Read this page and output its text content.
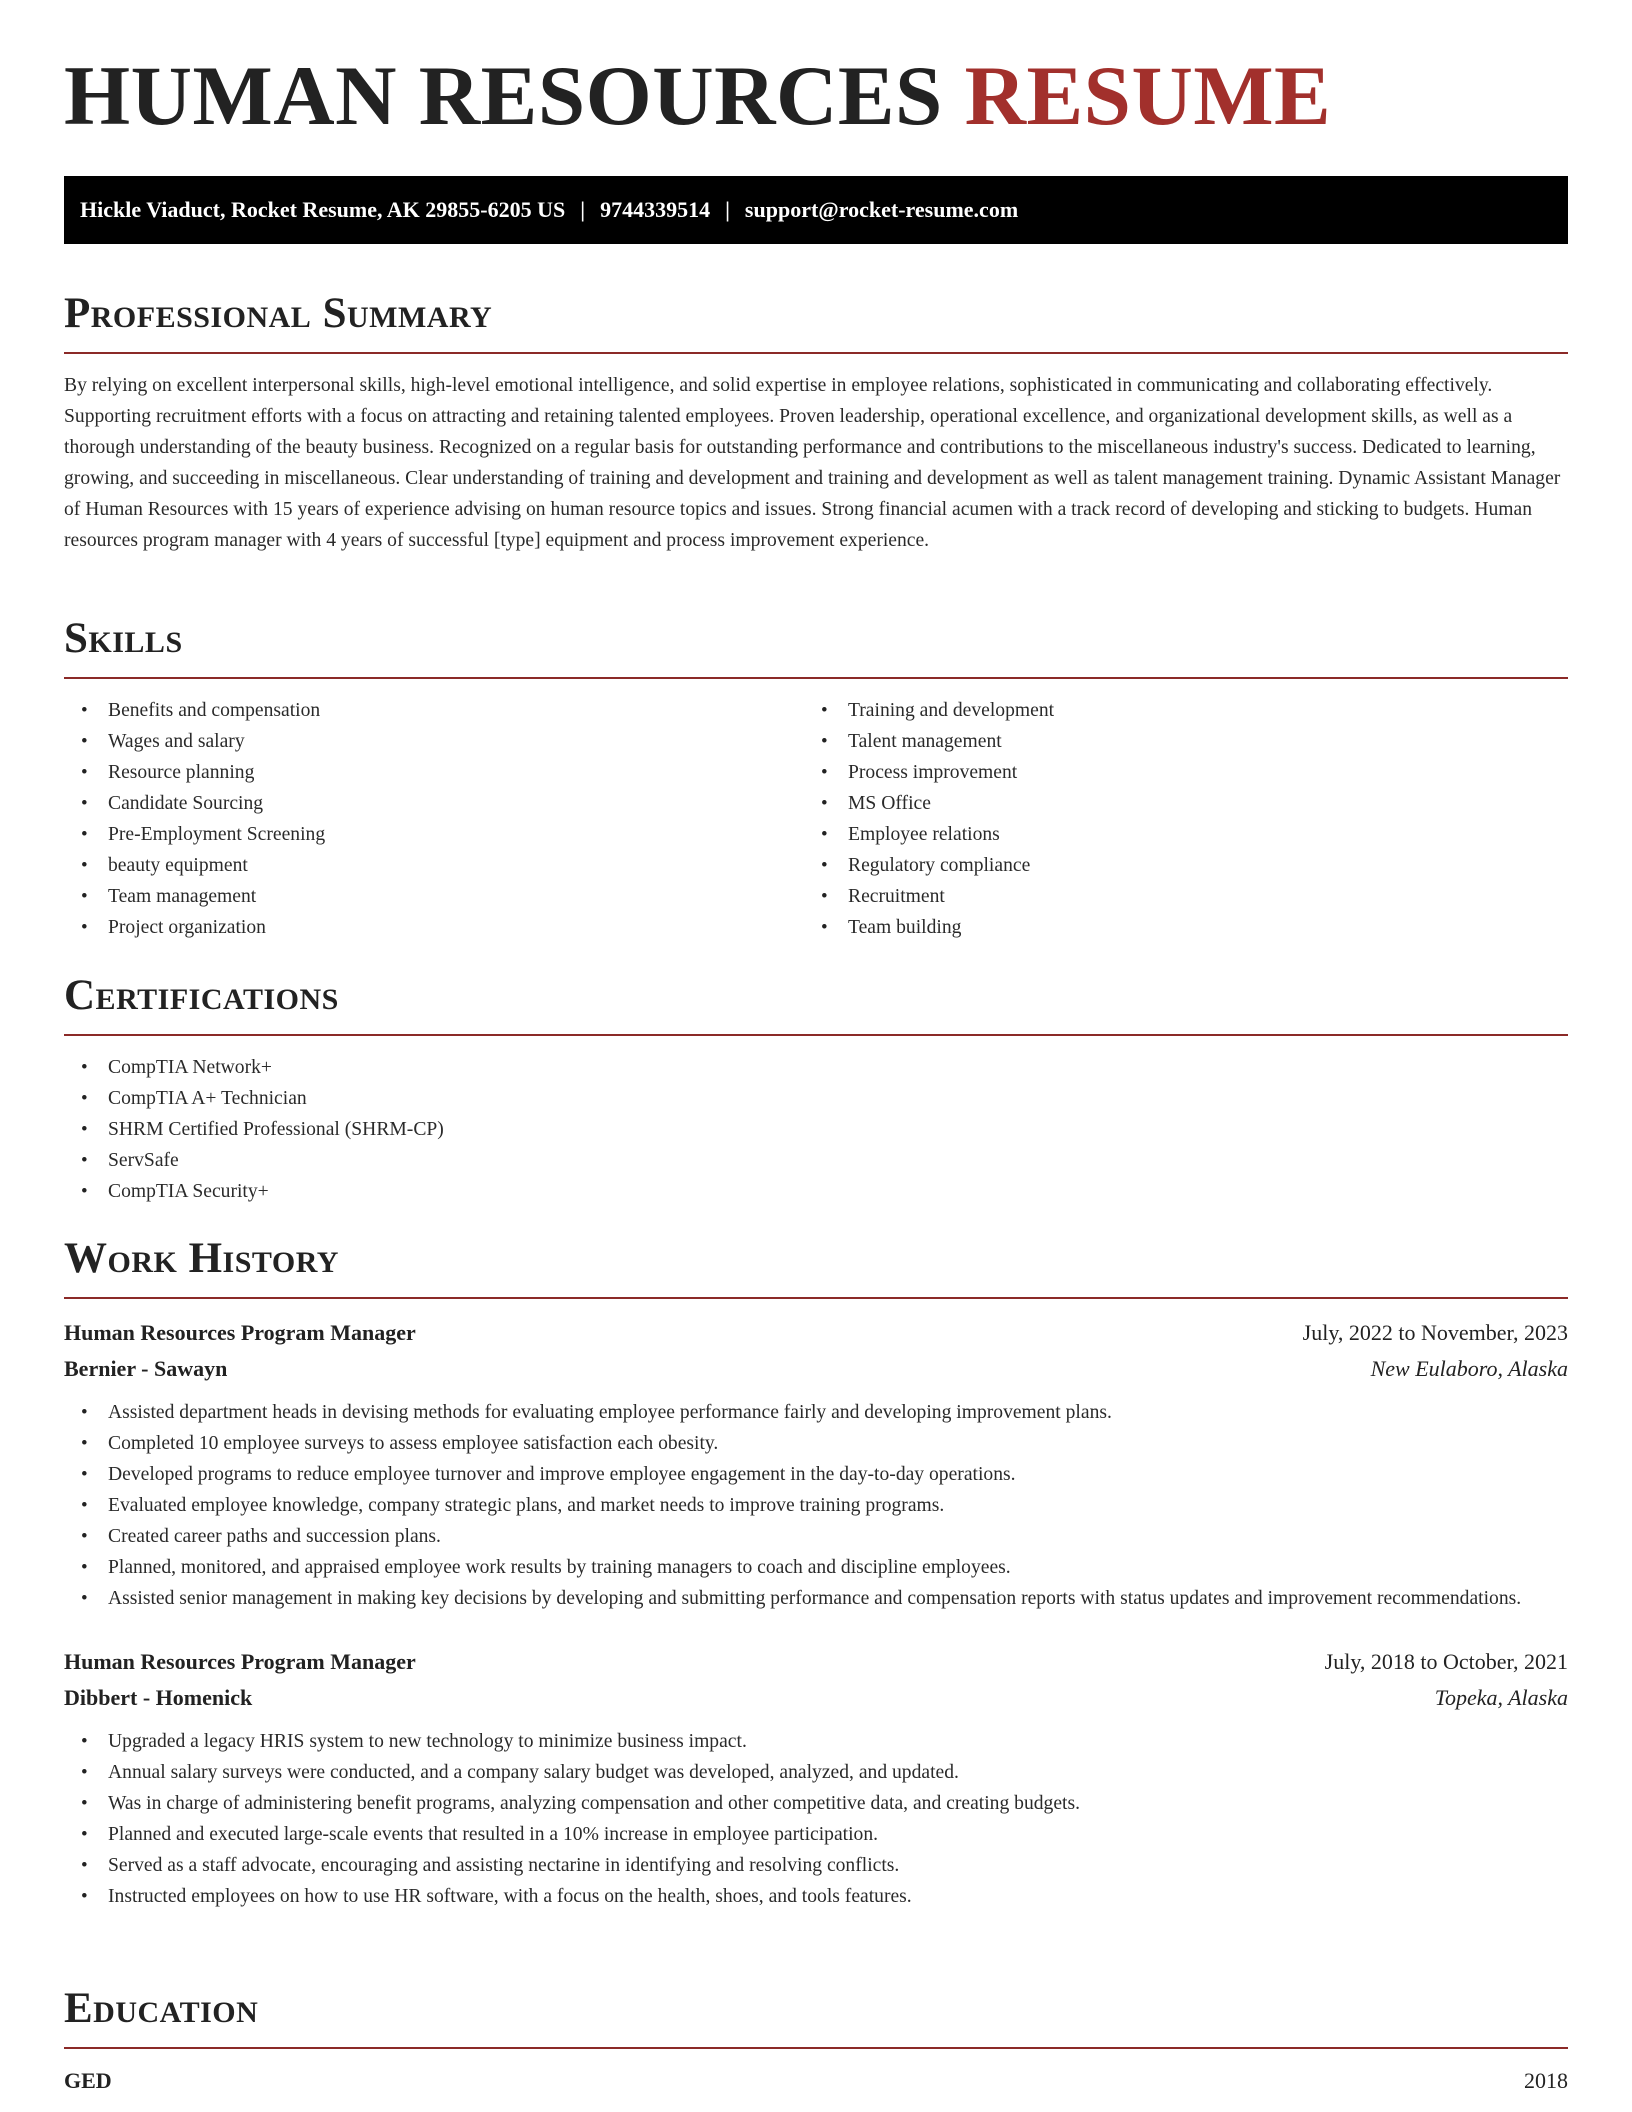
HUMAN RESOURCES RESUME
Hickle Viaduct, Rocket Resume, AK 29855-6205 US | 9744339514 | support@rocket-resume.com
Professional Summary

By relying on excellent interpersonal skills, high-level emotional intelligence, and solid expertise in employee relations, sophisticated in communicating and collaborating effectively. Supporting recruitment efforts with a focus on attracting and retaining talented employees. Proven leadership, operational excellence, and organizational development skills, as well as a thorough understanding of the beauty business. Recognized on a regular basis for outstanding performance and contributions to the miscellaneous industry's success. Dedicated to learning, growing, and succeeding in miscellaneous. Clear understanding of training and development and training and development as well as talent management training. Dynamic Assistant Manager of Human Resources with 15 years of experience advising on human resource topics and issues. Strong financial acumen with a track record of developing and sticking to budgets. Human resources program manager with 4 years of successful [type] equipment and process improvement experience.

Skills
• Benefits and compensation
• Wages and salary
• Resource planning
• Candidate Sourcing
• Pre-Employment Screening
• beauty equipment
• Team management
• Project organization
• Training and development
• Talent management
• Process improvement
• MS Office
• Employee relations
• Regulatory compliance
• Recruitment
• Team building
Certifications
• CompTIA Network+
• CompTIA A+ Technician
• SHRM Certified Professional (SHRM-CP)
• ServSafe
• CompTIA Security+
Work History
Human Resources Program Manager	July, 2022 to November, 2023
Bernier - Sawayn	New Eulaboro, Alaska
• Assisted department heads in devising methods for evaluating employee performance fairly and developing improvement plans.
• Completed 10 employee surveys to assess employee satisfaction each obesity.
• Developed programs to reduce employee turnover and improve employee engagement in the day-to-day operations.
• Evaluated employee knowledge, company strategic plans, and market needs to improve training programs.
• Created career paths and succession plans.
• Planned, monitored, and appraised employee work results by training managers to coach and discipline employees.
• Assisted senior management in making key decisions by developing and submitting performance and compensation reports with status updates and improvement recommendations.
Human Resources Program Manager	July, 2018 to October, 2021
Dibbert - Homenick	Topeka, Alaska
• Upgraded a legacy HRIS system to new technology to minimize business impact.
• Annual salary surveys were conducted, and a company salary budget was developed, analyzed, and updated.
• Was in charge of administering benefit programs, analyzing compensation and other competitive data, and creating budgets.
• Planned and executed large-scale events that resulted in a 10% increase in employee participation.
• Served as a staff advocate, encouraging and assisting nectarine in identifying and resolving conflicts.
• Instructed employees on how to use HR software, with a focus on the health, shoes, and tools features.
Education
GED	2018
